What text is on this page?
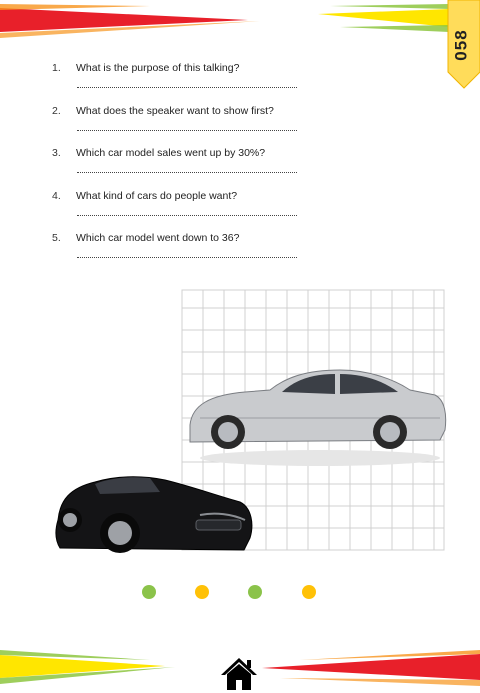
058
1. What is the purpose of this talking?
2. What does the speaker want to show first?
3. Which car model sales went up by 30%?
4. What kind of cars do people want?
5. Which car model went down to 36?
